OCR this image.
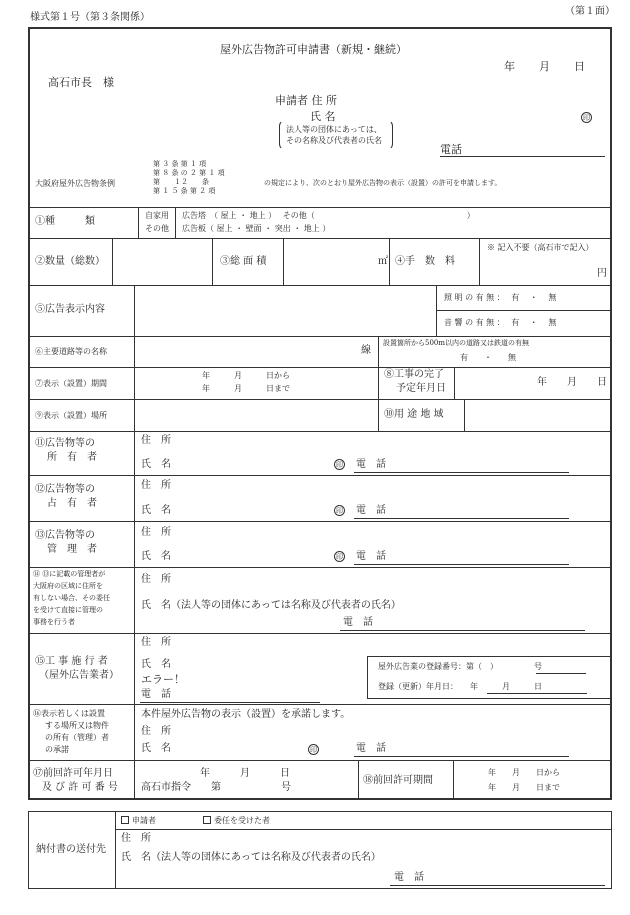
様式第１号（第３条関係）
（第１面）
屋外広告物許可申請書（新規・継続）
年 月 日
高石市長　様
申請者 住 所
氏 名
法人等の団体にあっては、
その名称及び代表者の氏名
印
電話
大阪府屋外広告物条例
第 ３ 条 第 １ 項
第 ８ 条 の ２ 第 １ 項
第　　１２　　条
第 １ ５ 条 第 ２ 項
の規定により、次のとおり屋外広告物の表示（設置）の許可を申請します。
①種　　　類
自家用
その他
広告塔　（ 屋上 ・ 地上 ）　 その他（　　　　　　　　　　　　　　　　　　　）
広告板（ 屋上 ・ 壁面 ・ 突出 ・ 地上 ）
②数量（総数）	③総 面 積	㎡ ④手　数　料
※ 記入不要（高石市で記入）
円
⑤広告表示内容
照 明 の 有 無 ：　 有　 ・　 無
音 響 の 有 無 ：　 有　 ・　 無
⑥主要道路等の名称	線
設置箇所から500m以内の道路又は鉄道の有無
有　　・　　無
⑦表示（設置）期間
年　　　月　　　日から
年　　　月　　　日まで
⑧工事の完了
予定年月日
年　　月　　日
⑨表示（設置）場所	⑩用 途 地 域
⑪広告物等の
所　有　者
住　所
氏　名	印 電　話
⑫広告物等の
占　有　者
住　所
氏　名	印 電　話
⑬広告物等の
管　理　者
住　所
氏　名	印 電　話
⑭ ⑬に記載の管理者が
大阪府の区域に住所を
有しない場合、その委任
を受けて直接に管理の
事務を行う者
住　所
氏　名（法人等の団体にあっては名称及び代表者の氏名）
電　話
⑮工 事 施 行 者
（屋外広告業者）
住　所
氏　名
エラー！
電　話
屋外広告業の登録番号：第（　）　　　　　号
登録（更新）年月日：　　年　　　月　　　日
⑯表示若しくは設置
する場所又は物件
の所有（管理）者
の承諾
本件屋外広告物の表示（設置）を承諾します。
住　所
氏　名	印	電　話
⑰前回許可年月日
及 び 許 可 番 号
年　　　月　　　日
高石市指令　　第　　　　　　号
⑱前回許可期間
年　　月　　日から
年　　月　　日まで
納付書の送付先
申請者	委任を受けた者
住　所
氏　名（法人等の団体にあっては名称及び代表者の氏名）
電　話
